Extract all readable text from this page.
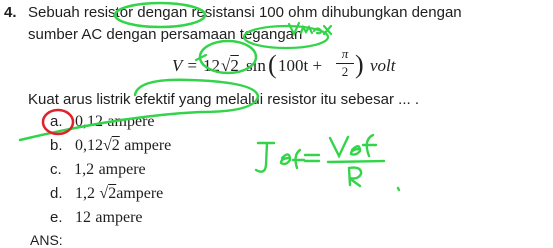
4. Sebuah resistor dengan resistansi 100 ohm dihubungkan dengan
sumber AC dengan persamaan tegangan
V = 12 √2 sin ( $100t + \frac{\pi}{2}$ ) volt
Kuat arus listrik efektif yang melalui resistor itu sebesar ... .
a. 0,12 ampere
b. 0,12√2 ampere
c. 1,2 ampere
d. 1,2 √2ampere
e. 12 ampere
ANS:
